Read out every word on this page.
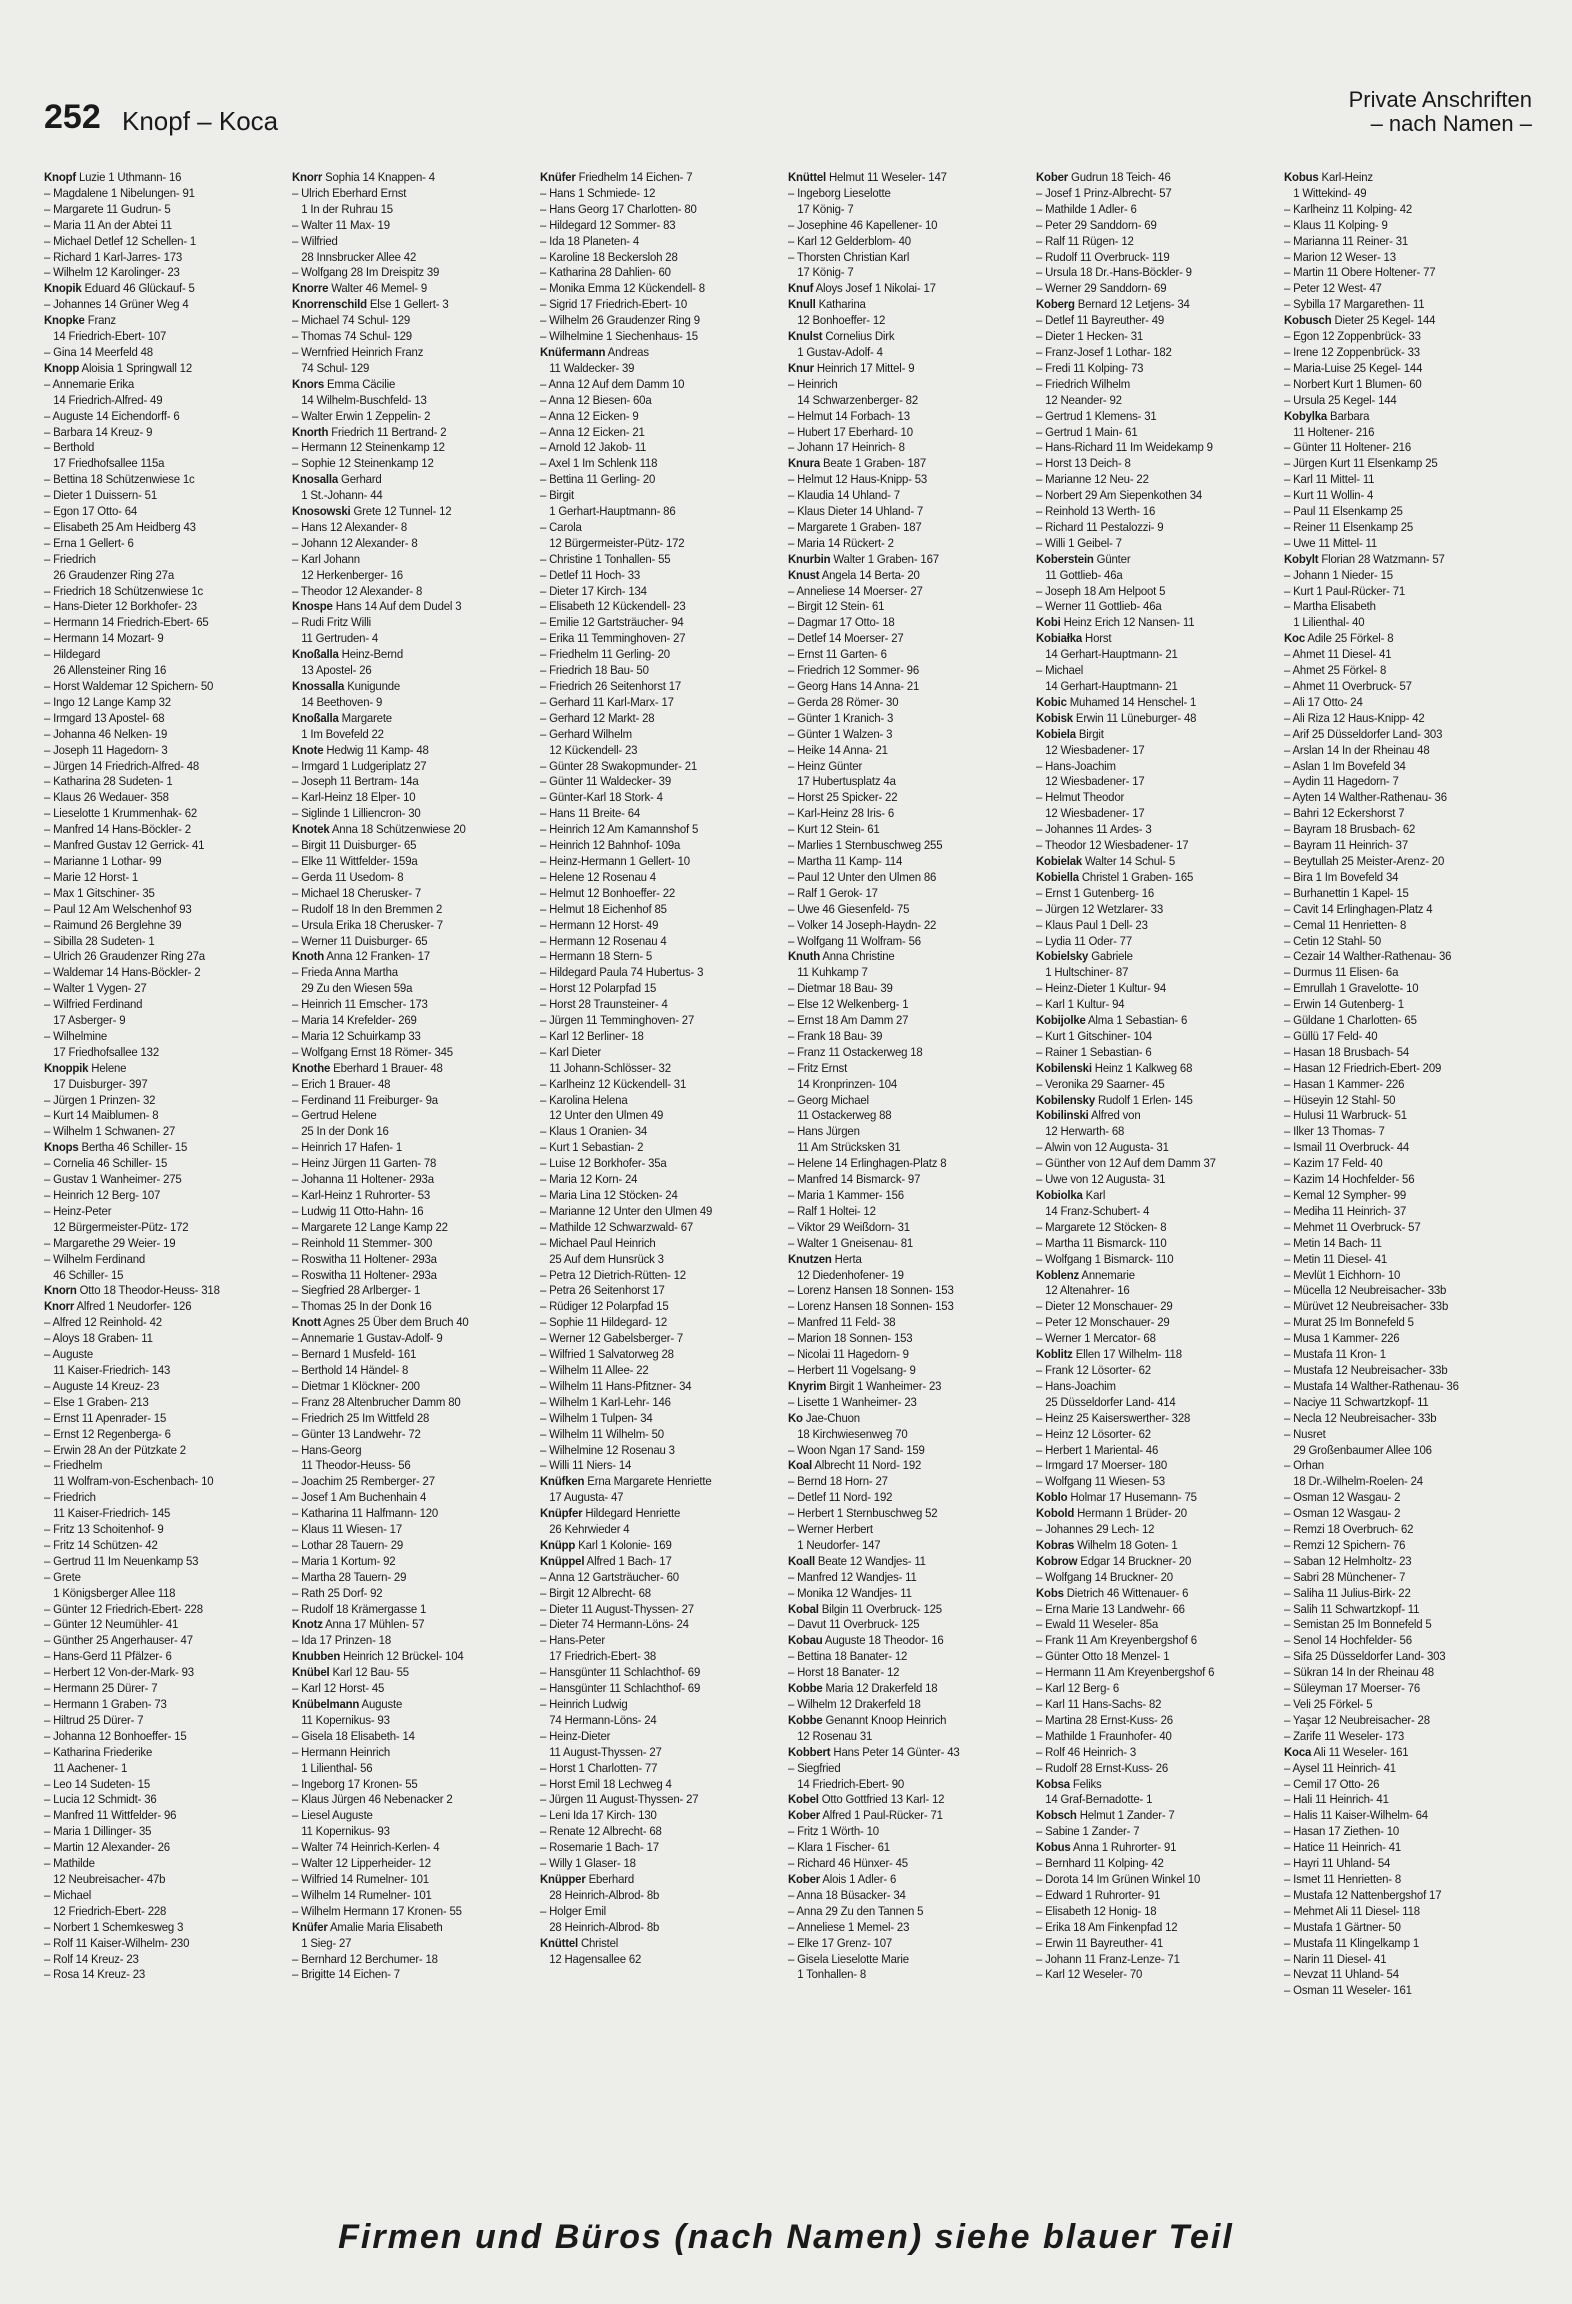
252 Knopf – Koca
Private Anschriften
– nach Namen –
Knopf Luzie 1 Uthmann- 16
– Magdalene 1 Nibelungen- 91
– Margarete 11 Gudrun- 5
– Maria 11 An der Abtei 11
– Michael Detlef 12 Schellen- 1
– Richard 1 Karl-Jarres- 173
– Wilhelm 12 Karolinger- 23
Knopik Eduard 46 Glückauf- 5
– Johannes 14 Grüner Weg 4
Knopke Franz
14 Friedrich-Ebert- 107
– Gina 14 Meerfeld 48
Knopp Aloisia 1 Springwall 12
– Annemarie Erika
14 Friedrich-Alfred- 49
– Auguste 14 Eichendorff- 6
– Barbara 14 Kreuz- 9
– Berthold
17 Friedhofsallee 115a
– Bettina 18 Schützenwiese 1c
– Dieter 1 Duissern- 51
– Egon 17 Otto- 64
– Elisabeth 25 Am Heidberg 43
– Erna 1 Gellert- 6
– Friedrich
26 Graudenzer Ring 27a
– Friedrich 18 Schützenwiese 1c
– Hans-Dieter 12 Borkhofer- 23
– Hermann 14 Friedrich-Ebert- 65
– Hermann 14 Mozart- 9
– Hildegard
26 Allensteiner Ring 16
– Horst Waldemar 12 Spichern- 50
– Ingo 12 Lange Kamp 32
– Irmgard 13 Apostel- 68
– Johanna 46 Nelken- 19
– Joseph 11 Hagedorn- 3
– Jürgen 14 Friedrich-Alfred- 48
– Katharina 28 Sudeten- 1
– Klaus 26 Wedauer- 358
– Lieselotte 1 Krummenhak- 62
– Manfred 14 Hans-Böckler- 2
– Manfred Gustav 12 Gerrick- 41
– Marianne 1 Lothar- 99
– Marie 12 Horst- 1
– Max 1 Gitschiner- 35
– Paul 12 Am Welschenhof 93
– Raimund 26 Berglehne 39
– Sibilla 28 Sudeten- 1
– Ulrich 26 Graudenzer Ring 27a
– Waldemar 14 Hans-Böckler- 2
– Walter 1 Vygen- 27
– Wilfried Ferdinand
17 Asberger- 9
– Wilhelmine
17 Friedhofsallee 132
Knoppik Helene
17 Duisburger- 397
– Jürgen 1 Prinzen- 32
– Kurt 14 Maiblumen- 8
– Wilhelm 1 Schwanen- 27
Knops Bertha 46 Schiller- 15
– Cornelia 46 Schiller- 15
– Gustav 1 Wanheimer- 275
– Heinrich 12 Berg- 107
– Heinz-Peter
12 Bürgermeister-Pütz- 172
– Margarethe 29 Weier- 19
– Wilhelm Ferdinand
46 Schiller- 15
Knorn Otto 18 Theodor-Heuss- 318
Knorr Alfred 1 Neudorfer- 126
– Alfred 12 Reinhold- 42
– Aloys 18 Graben- 11
– Auguste
11 Kaiser-Friedrich- 143
– Auguste 14 Kreuz- 23
– Else 1 Graben- 213
– Ernst 11 Apenrader- 15
– Ernst 12 Regenberga- 6
– Erwin 28 An der Pützkate 2
– Friedhelm
11 Wolfram-von-Eschenbach- 10
– Friedrich
11 Kaiser-Friedrich- 145
– Fritz 13 Schoitenhof- 9
– Fritz 14 Schützen- 42
– Gertrud 11 Im Neuenkamp 53
– Grete
1 Königsberger Allee 118
– Günter 12 Friedrich-Ebert- 228
– Günter 12 Neumühler- 41
– Günther 25 Angerhauser- 47
– Hans-Gerd 11 Pfälzer- 6
– Herbert 12 Von-der-Mark- 93
– Hermann 25 Dürer- 7
– Hermann 1 Graben- 73
– Hiltrud 25 Dürer- 7
– Johanna 12 Bonhoeffer- 15
– Katharina Friederike
11 Aachener- 1
– Leo 14 Sudeten- 15
– Lucia 12 Schmidt- 36
– Manfred 11 Wittfelder- 96
– Maria 1 Dillinger- 35
– Martin 12 Alexander- 26
– Mathilde
12 Neubreisacher- 47b
– Michael
12 Friedrich-Ebert- 228
– Norbert 1 Schemkesweg 3
– Rolf 11 Kaiser-Wilhelm- 230
– Rolf 14 Kreuz- 23
– Rosa 14 Kreuz- 23
Knorr Sophia 14 Knappen- 4
– Ulrich Eberhard Ernst
1 In der Ruhrau 15
– Walter 11 Max- 19
– Wilfried
28 Innsbrucker Allee 42
– Wolfgang 28 Im Dreispitz 39
Knorre Walter 46 Memel- 9
Knorrenschild Else 1 Gellert- 3
– Michael 74 Schul- 129
– Thomas 74 Schul- 129
– Wernfried Heinrich Franz
74 Schul- 129
Knors Emma Cäcilie
14 Wilhelm-Buschfeld- 13
– Walter Erwin 1 Zeppelin- 2
Knorth Friedrich 11 Bertrand- 2
– Hermann 12 Steinenkamp 12
– Sophie 12 Steinenkamp 12
Knosalla Gerhard
1 St.-Johann- 44
Knosowski Grete 12 Tunnel- 12
– Hans 12 Alexander- 8
– Johann 12 Alexander- 8
– Karl Johann
12 Herkenberger- 16
– Theodor 12 Alexander- 8
Knospe Hans 14 Auf dem Dudel 3
– Rudi Fritz Willi
11 Gertruden- 4
Knoßalla Heinz-Bernd
13 Apostel- 26
Knossalla Kunigunde
14 Beethoven- 9
Knoßalla Margarete
1 Im Bovefeld 22
Knote Hedwig 11 Kamp- 48
– Irmgard 1 Ludgeriplatz 27
– Joseph 11 Bertram- 14a
– Karl-Heinz 18 Elper- 10
– Siglinde 1 Lilliencron- 30
Knotek Anna 18 Schützenwiese 20
– Birgit 11 Duisburger- 65
– Elke 11 Wittfelder- 159a
– Gerda 11 Usedom- 8
– Michael 18 Cherusker- 7
– Rudolf 18 In den Bremmen 2
– Ursula Erika 18 Cherusker- 7
– Werner 11 Duisburger- 65
Knoth Anna 12 Franken- 17
– Frieda Anna Martha
29 Zu den Wiesen 59a
– Heinrich 11 Emscher- 173
– Maria 14 Krefelder- 269
– Maria 12 Schuirkamp 33
– Wolfgang Ernst 18 Römer- 345
Knothe Eberhard 1 Brauer- 48
– Erich 1 Brauer- 48
– Ferdinand 11 Freiburger- 9a
– Gertrud Helene
25 In der Donk 16
– Heinrich 17 Hafen- 1
– Heinz Jürgen 11 Garten- 78
– Johanna 11 Holtener- 293a
– Karl-Heinz 1 Ruhrorter- 53
– Ludwig 11 Otto-Hahn- 16
– Margarete 12 Lange Kamp 22
– Reinhold 11 Stemmer- 300
– Roswitha 11 Holtener- 293a
– Roswitha 11 Holtener- 293a
– Siegfried 28 Arlberger- 1
– Thomas 25 In der Donk 16
Knott Agnes 25 Über dem Bruch 40
– Annemarie 1 Gustav-Adolf- 9
– Bernard 1 Musfeld- 161
– Berthold 14 Händel- 8
– Dietmar 1 Klöckner- 200
– Franz 28 Altenbrucher Damm 80
– Friedrich 25 Im Wittfeld 28
– Günter 13 Landwehr- 72
– Hans-Georg
11 Theodor-Heuss- 56
– Joachim 25 Remberger- 27
– Josef 1 Am Buchenhain 4
– Katharina 11 Halfmann- 120
– Klaus 11 Wiesen- 17
– Lothar 28 Tauern- 29
– Maria 1 Kortum- 92
– Martha 28 Tauern- 29
– Rath 25 Dorf- 92
– Rudolf 18 Krämergasse 1
Knotz Anna 17 Mühlen- 57
– Ida 17 Prinzen- 18
Knubben Heinrich 12 Brückel- 104
Knübel Karl 12 Bau- 55
– Karl 12 Horst- 45
Knübelmann Auguste
11 Kopernikus- 93
– Gisela 18 Elisabeth- 14
– Hermann Heinrich
1 Lilienthal- 56
– Ingeborg 17 Kronen- 55
– Klaus Jürgen 46 Nebenacker 2
– Liesel Auguste
11 Kopernikus- 93
– Walter 74 Heinrich-Kerlen- 4
– Walter 12 Lipperheider- 12
– Wilfried 14 Rumelner- 101
– Wilhelm 14 Rumelner- 101
– Wilhelm Hermann 17 Kronen- 55
Knüfer Amalie Maria Elisabeth
1 Sieg- 27
– Bernhard 12 Berchumer- 18
– Brigitte 14 Eichen- 7
Knüfer Friedhelm 14 Eichen- 7
– Hans 1 Schmiede- 12
– Hans Georg 17 Charlotten- 80
– Hildegard 12 Sommer- 83
– Ida 18 Planeten- 4
– Karoline 18 Beckersloh 28
– Katharina 28 Dahlien- 60
– Monika Emma 12 Kückendell- 8
– Sigrid 17 Friedrich-Ebert- 10
– Wilhelm 26 Graudenzer Ring 9
– Wilhelmine 1 Siechenhaus- 15
Knüfermann Andreas
11 Waldecker- 39
– Anna 12 Auf dem Damm 10
– Anna 12 Biesen- 60a
– Anna 12 Eicken- 9
– Anna 12 Eicken- 21
– Arnold 12 Jakob- 11
– Axel 1 Im Schlenk 118
– Bettina 11 Gerling- 20
– Birgit
1 Gerhart-Hauptmann- 86
– Carola
12 Bürgermeister-Pütz- 172
– Christine 1 Tonhallen- 55
– Detlef 11 Hoch- 33
– Dieter 17 Kirch- 134
– Elisabeth 12 Kückendell- 23
– Emilie 12 Gartsträucher- 94
– Erika 11 Temminghoven- 27
– Friedhelm 11 Gerling- 20
– Friedrich 18 Bau- 50
– Friedrich 26 Seitenhorst 17
– Gerhard 11 Karl-Marx- 17
– Gerhard 12 Markt- 28
– Gerhard Wilhelm
12 Kückendell- 23
– Günter 28 Swakopmunder- 21
– Günter 11 Waldecker- 39
– Günter-Karl 18 Stork- 4
– Hans 11 Breite- 64
– Heinrich 12 Am Kamannshof 5
– Heinrich 12 Bahnhof- 109a
– Heinz-Hermann 1 Gellert- 10
– Helene 12 Rosenau 4
– Helmut 12 Bonhoeffer- 22
– Helmut 18 Eichenhof 85
– Hermann 12 Horst- 49
– Hermann 12 Rosenau 4
– Hermann 18 Stern- 5
– Hildegard Paula 74 Hubertus- 3
– Horst 12 Polarpfad 15
– Horst 28 Traunsteiner- 4
– Jürgen 11 Temminghoven- 27
– Karl 12 Berliner- 18
– Karl Dieter
11 Johann-Schlösser- 32
– Karlheinz 12 Kückendell- 31
– Karolina Helena
12 Unter den Ulmen 49
– Klaus 1 Oranien- 34
– Kurt 1 Sebastian- 2
– Luise 12 Borkhofer- 35a
– Maria 12 Korn- 24
– Maria Lina 12 Stöcken- 24
– Marianne 12 Unter den Ulmen 49
– Mathilde 12 Schwarzwald- 67
– Michael Paul Heinrich
25 Auf dem Hunsrück 3
– Petra 12 Dietrich-Rütten- 12
– Petra 26 Seitenhorst 17
– Rüdiger 12 Polarpfad 15
– Sophie 11 Hildegard- 12
– Werner 12 Gabelsberger- 7
– Wilfried 1 Salvatorweg 28
– Wilhelm 11 Allee- 22
– Wilhelm 11 Hans-Pfitzner- 34
– Wilhelm 1 Karl-Lehr- 146
– Wilhelm 1 Tulpen- 34
– Wilhelm 11 Wilhelm- 50
– Wilhelmine 12 Rosenau 3
– Willi 11 Niers- 14
Knüfken Erna Margarete Henriette
17 Augusta- 47
Knüpfer Hildegard Henriette
26 Kehrwieder 4
Knüpp Karl 1 Kolonie- 169
Knüppel Alfred 1 Bach- 17
– Anna 12 Gartsträucher- 60
– Birgit 12 Albrecht- 68
– Dieter 11 August-Thyssen- 27
– Dieter 74 Hermann-Löns- 24
– Hans-Peter
17 Friedrich-Ebert- 38
– Hansgünter 11 Schlachthof- 69
– Hansgünter 11 Schlachthof- 69
– Heinrich Ludwig
74 Hermann-Löns- 24
– Heinz-Dieter
11 August-Thyssen- 27
– Horst 1 Charlotten- 77
– Horst Emil 18 Lechweg 4
– Jürgen 11 August-Thyssen- 27
– Leni Ida 17 Kirch- 130
– Renate 12 Albrecht- 68
– Rosemarie 1 Bach- 17
– Willy 1 Glaser- 18
Knüpper Eberhard
28 Heinrich-Albrod- 8b
– Holger Emil
28 Heinrich-Albrod- 8b
Knüttel Christel
12 Hagensallee 62
Knüttel Helmut 11 Weseler- 147
– Ingeborg Lieselotte
17 König- 7
– Josephine 46 Kapellener- 10
– Karl 12 Gelderblom- 40
– Thorsten Christian Karl
17 König- 7
Knuf Aloys Josef 1 Nikolai- 17
Knull Katharina
12 Bonhoeffer- 12
Knulst Cornelius Dirk
1 Gustav-Adolf- 4
Knur Heinrich 17 Mittel- 9
– Heinrich
14 Schwarzenberger- 82
– Helmut 14 Forbach- 13
– Hubert 17 Eberhard- 10
– Johann 17 Heinrich- 8
Knura Beate 1 Graben- 187
– Helmut 12 Haus-Knipp- 53
– Klaudia 14 Uhland- 7
– Klaus Dieter 14 Uhland- 7
– Margarete 1 Graben- 187
– Maria 14 Rückert- 2
Knurbin Walter 1 Graben- 167
Knust Angela 14 Berta- 20
– Anneliese 14 Moerser- 27
– Birgit 12 Stein- 61
– Dagmar 17 Otto- 18
– Detlef 14 Moerser- 27
– Ernst 11 Garten- 6
– Friedrich 12 Sommer- 96
– Georg Hans 14 Anna- 21
– Gerda 28 Römer- 30
– Günter 1 Kranich- 3
– Günter 1 Walzen- 3
– Heike 14 Anna- 21
– Heinz Günter
17 Hubertusplatz 4a
– Horst 25 Spicker- 22
– Karl-Heinz 28 Iris- 6
– Kurt 12 Stein- 61
– Marlies 1 Sternbuschweg 255
– Martha 11 Kamp- 114
– Paul 12 Unter den Ulmen 86
– Ralf 1 Gerok- 17
– Uwe 46 Giesenfeld- 75
– Volker 14 Joseph-Haydn- 22
– Wolfgang 11 Wolfram- 56
Knuth Anna Christine
11 Kuhkamp 7
– Dietmar 18 Bau- 39
– Else 12 Welkenberg- 1
– Ernst 18 Am Damm 27
– Frank 18 Bau- 39
– Franz 11 Ostackerweg 18
– Fritz Ernst
14 Kronprinzen- 104
– Georg Michael
11 Ostackerweg 88
– Hans Jürgen
11 Am Strücksken 31
– Helene 14 Erlinghagen-Platz 8
– Manfred 14 Bismarck- 97
– Maria 1 Kammer- 156
– Ralf 1 Holtei- 12
– Viktor 29 Weißdorn- 31
– Walter 1 Gneisenau- 81
Knutzen Herta
12 Diedenhofener- 19
– Lorenz Hansen 18 Sonnen- 153
– Lorenz Hansen 18 Sonnen- 153
– Manfred 11 Feld- 38
– Marion 18 Sonnen- 153
– Nicolai 11 Hagedorn- 9
– Herbert 11 Vogelsang- 9
Knyrim Birgit 1 Wanheimer- 23
– Lisette 1 Wanheimer- 23
Ko Jae-Chuon
18 Kirchwiesenweg 70
– Woon Ngan 17 Sand- 159
Koal Albrecht 11 Nord- 192
– Bernd 18 Horn- 27
– Detlef 11 Nord- 192
– Herbert 1 Sternbuschweg 52
– Werner Herbert
1 Neudorfer- 147
Koall Beate 12 Wandjes- 11
– Manfred 12 Wandjes- 11
– Monika 12 Wandjes- 11
Kobal Bilgin 11 Overbruck- 125
– Davut 11 Overbruck- 125
Kobau Auguste 18 Theodor- 16
– Bettina 18 Banater- 12
– Horst 18 Banater- 12
Kobbe Maria 12 Drakerfeld 18
– Wilhelm 12 Drakerfeld 18
Kobbe Genannt Knoop Heinrich
12 Rosenau 31
Kobbert Hans Peter 14 Günter- 43
– Siegfried
14 Friedrich-Ebert- 90
Kobel Otto Gottfried 13 Karl- 12
Kober Alfred 1 Paul-Rücker- 71
– Fritz 1 Wörth- 10
– Klara 1 Fischer- 61
– Richard 46 Hünxer- 45
Kober Alois 1 Adler- 6
– Anna 18 Büsacker- 34
– Anna 29 Zu den Tannen 5
– Anneliese 1 Memel- 23
– Elke 17 Grenz- 107
– Gisela Lieselotte Marie
1 Tonhallen- 8
Kober Gudrun 18 Teich- 46
– Josef 1 Prinz-Albrecht- 57
– Mathilde 1 Adler- 6
– Peter 29 Sanddorn- 69
– Ralf 11 Rügen- 12
– Rudolf 11 Overbruck- 119
– Ursula 18 Dr.-Hans-Böckler- 9
– Werner 29 Sanddorn- 69
Koberg Bernard 12 Letjens- 34
– Detlef 11 Bayreuther- 49
– Dieter 1 Hecken- 31
– Franz-Josef 1 Lothar- 182
– Fredi 11 Kolping- 73
– Friedrich Wilhelm
12 Neander- 92
– Gertrud 1 Klemens- 31
– Gertrud 1 Main- 61
– Hans-Richard 11 Im Weidekamp 9
– Horst 13 Deich- 8
– Marianne 12 Neu- 22
– Norbert 29 Am Siepenkothen 34
– Reinhold 13 Werth- 16
– Richard 11 Pestalozzi- 9
– Willi 1 Geibel- 7
Koberstein Günter
11 Gottlieb- 46a
– Joseph 18 Am Helpoot 5
– Werner 11 Gottlieb- 46a
Kobi Heinz Erich 12 Nansen- 11
Kobiałka Horst
14 Gerhart-Hauptmann- 21
– Michael
14 Gerhart-Hauptmann- 21
Kobic Muhamed 14 Henschel- 1
Kobisk Erwin 11 Lüneburger- 48
Kobiela Birgit
12 Wiesbadener- 17
– Hans-Joachim
12 Wiesbadener- 17
– Helmut Theodor
12 Wiesbadener- 17
– Johannes 11 Ardes- 3
– Theodor 12 Wiesbadener- 17
Kobielak Walter 14 Schul- 5
Kobiella Christel 1 Graben- 165
– Ernst 1 Gutenberg- 16
– Jürgen 12 Wetzlarer- 33
– Klaus Paul 1 Dell- 23
– Lydia 11 Oder- 77
Kobielsky Gabriele
1 Hultschiner- 87
– Heinz-Dieter 1 Kultur- 94
– Karl 1 Kultur- 94
Kobijolke Alma 1 Sebastian- 6
– Kurt 1 Gitschiner- 104
– Rainer 1 Sebastian- 6
Kobilenski Heinz 1 Kalkweg 68
– Veronika 29 Saarner- 45
Kobilensky Rudolf 1 Erlen- 145
Kobilinski Alfred von
12 Herwarth- 68
– Alwin von 12 Augusta- 31
– Günther von 12 Auf dem Damm 37
– Uwe von 12 Augusta- 31
Kobiolka Karl
14 Franz-Schubert- 4
– Margarete 12 Stöcken- 8
– Martha 11 Bismarck- 110
– Wolfgang 1 Bismarck- 110
Koblenz Annemarie
12 Altenahrer- 16
– Dieter 12 Monschauer- 29
– Peter 12 Monschauer- 29
– Werner 1 Mercator- 68
Koblitz Ellen 17 Wilhelm- 118
– Frank 12 Lösorter- 62
– Hans-Joachim
25 Düsseldorfer Land- 414
– Heinz 25 Kaiserswerther- 328
– Heinz 12 Lösorter- 62
– Herbert 1 Mariental- 46
– Irmgard 17 Moerser- 180
– Wolfgang 11 Wiesen- 53
Koblo Holmar 17 Husemann- 75
Kobold Hermann 1 Brüder- 20
– Johannes 29 Lech- 12
Kobras Wilhelm 18 Goten- 1
Kobrow Edgar 14 Bruckner- 20
– Wolfgang 14 Bruckner- 20
Kobs Dietrich 46 Wittenauer- 6
– Erna Marie 13 Landwehr- 66
– Ewald 11 Weseler- 85a
– Frank 11 Am Kreyenbergshof 6
– Günter Otto 18 Menzel- 1
– Hermann 11 Am Kreyenbergshof 6
– Karl 12 Berg- 6
– Karl 11 Hans-Sachs- 82
– Martina 28 Ernst-Kuss- 26
– Mathilde 1 Fraunhofer- 40
– Rolf 46 Heinrich- 3
– Rudolf 28 Ernst-Kuss- 26
Kobsa Feliks
14 Graf-Bernadotte- 1
Kobsch Helmut 1 Zander- 7
– Sabine 1 Zander- 7
Kobus Anna 1 Ruhrorter- 91
– Bernhard 11 Kolping- 42
– Dorota 14 Im Grünen Winkel 10
– Edward 1 Ruhrorter- 91
– Elisabeth 12 Honig- 18
– Erika 18 Am Finkenpfad 12
– Erwin 11 Bayreuther- 41
– Johann 11 Franz-Lenze- 71
– Karl 12 Weseler- 70
Kobus Karl-Heinz
1 Wittekind- 49
– Karlheinz 11 Kolping- 42
– Klaus 11 Kolping- 9
– Marianna 11 Reiner- 31
– Marion 12 Weser- 13
– Martin 11 Obere Holtener- 77
– Peter 12 West- 47
– Sybilla 17 Margarethen- 11
Kobusch Dieter 25 Kegel- 144
– Egon 12 Zoppenbrück- 33
– Irene 12 Zoppenbrück- 33
– Maria-Luise 25 Kegel- 144
– Norbert Kurt 1 Blumen- 60
– Ursula 25 Kegel- 144
Kobylka Barbara
11 Holtener- 216
– Günter 11 Holtener- 216
– Jürgen Kurt 11 Elsenkamp 25
– Karl 11 Mittel- 11
– Kurt 11 Wollin- 4
– Paul 11 Elsenkamp 25
– Reiner 11 Elsenkamp 25
– Uwe 11 Mittel- 11
Kobylt Florian 28 Watzmann- 57
– Johann 1 Nieder- 15
– Kurt 1 Paul-Rücker- 71
– Martha Elisabeth
1 Lilienthal- 40
Koc Adile 25 Förkel- 8
– Ahmet 11 Diesel- 41
– Ahmet 25 Förkel- 8
– Ahmet 11 Overbruck- 57
– Ali 17 Otto- 24
– Ali Riza 12 Haus-Knipp- 42
– Arif 25 Düsseldorfer Land- 303
– Arslan 14 In der Rheinau 48
– Aslan 1 Im Bovefeld 34
– Aydin 11 Hagedorn- 7
– Ayten 14 Walther-Rathenau- 36
– Bahri 12 Eckershorst 7
– Bayram 18 Brusbach- 62
– Bayram 11 Heinrich- 37
– Beytullah 25 Meister-Arenz- 20
– Bira 1 Im Bovefeld 34
– Burhanettin 1 Kapel- 15
– Cavit 14 Erlinghagen-Platz 4
– Cemal 11 Henrietten- 8
– Cetin 12 Stahl- 50
– Cezair 14 Walther-Rathenau- 36
– Durmus 11 Elisen- 6a
– Emrullah 1 Gravelotte- 10
– Erwin 14 Gutenberg- 1
– Güldane 1 Charlotten- 65
– Güllü 17 Feld- 40
– Hasan 18 Brusbach- 54
– Hasan 12 Friedrich-Ebert- 209
– Hasan 1 Kammer- 226
– Hüseyin 12 Stahl- 50
– Hulusi 11 Warbruck- 51
– Ilker 13 Thomas- 7
– Ismail 11 Overbruck- 44
– Kazim 17 Feld- 40
– Kazim 14 Hochfelder- 56
– Kemal 12 Sympher- 99
– Mediha 11 Heinrich- 37
– Mehmet 11 Overbruck- 57
– Metin 14 Bach- 11
– Metin 11 Diesel- 41
– Mevlüt 1 Eichhorn- 10
– Mücella 12 Neubreisacher- 33b
– Mürüvet 12 Neubreisacher- 33b
– Murat 25 Im Bonnefeld 5
– Musa 1 Kammer- 226
– Mustafa 11 Kron- 1
– Mustafa 12 Neubreisacher- 33b
– Mustafa 14 Walther-Rathenau- 36
– Naciye 11 Schwartzkopf- 11
– Necla 12 Neubreisacher- 33b
– Nusret
29 Großenbaumer Allee 106
– Orhan
18 Dr.-Wilhelm-Roelen- 24
– Osman 12 Wasgau- 2
– Osman 12 Wasgau- 2
– Remzi 18 Overbruch- 62
– Remzi 12 Spichern- 76
– Saban 12 Helmholtz- 23
– Sabri 28 Münchener- 7
– Saliha 11 Julius-Birk- 22
– Salih 11 Schwartzkopf- 11
– Semistan 25 Im Bonnefeld 5
– Senol 14 Hochfelder- 56
– Sifa 25 Düsseldorfer Land- 303
– Sükran 14 In der Rheinau 48
– Süleyman 17 Moerser- 76
– Veli 25 Förkel- 5
– Yaşar 12 Neubreisacher- 28
– Zarife 11 Weseler- 173
Koca Ali 11 Weseler- 161
– Aysel 11 Heinrich- 41
– Cemil 17 Otto- 26
– Hali 11 Heinrich- 41
– Halis 11 Kaiser-Wilhelm- 64
– Hasan 17 Ziethen- 10
– Hatice 11 Heinrich- 41
– Hayri 11 Uhland- 54
– Ismet 11 Henrietten- 8
– Mustafa 12 Nattenbergshof 17
– Mehmet Ali 11 Diesel- 118
– Mustafa 1 Gärtner- 50
– Mustafa 11 Klingelkamp 1
– Narin 11 Diesel- 41
– Nevzat 11 Uhland- 54
– Osman 11 Weseler- 161
Firmen und Büros (nach Namen) siehe blauer Teil
